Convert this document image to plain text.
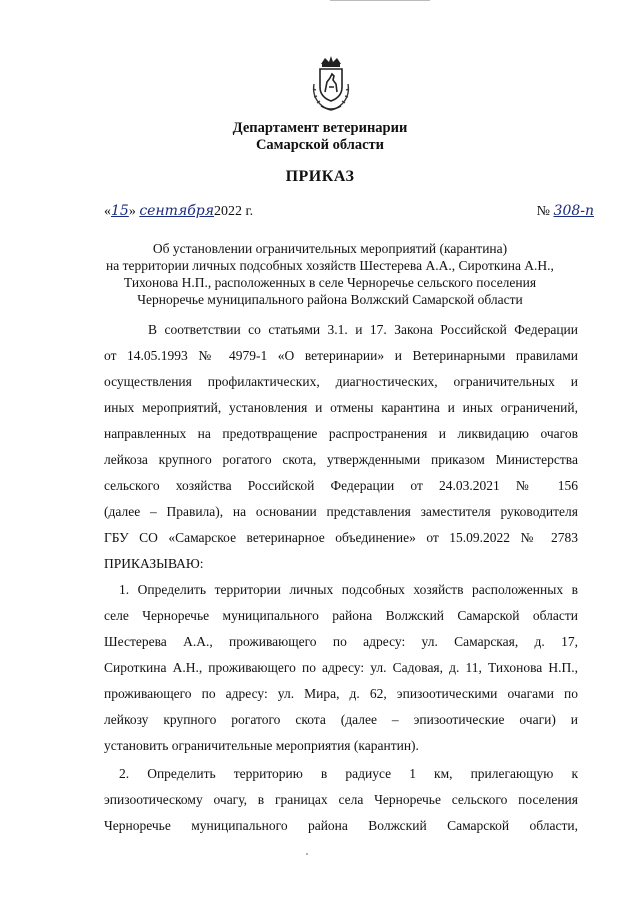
Департамент ветеринарии
Самарской области
ПРИКАЗ
«15» сентября2022 г.	№ 308-п
Об установлении ограничительных мероприятий (карантина)
на территории личных подсобных хозяйств Шестерева А.А., Сироткина А.Н.,
Тихонова Н.П., расположенных в селе Черноречье сельского поселения
Черноречье муниципального района Волжский Самарской области
В соответствии со статьями 3.1. и 17. Закона Российской Федерации
от 14.05.1993 № 4979-1 «О ветеринарии» и Ветеринарными правилами
осуществления профилактических, диагностических, ограничительных и
иных мероприятий, установления и отмены карантина и иных ограничений,
направленных на предотвращение распространения и ликвидацию очагов
лейкоза крупного рогатого скота, утвержденными приказом Министерства
сельского хозяйства Российской Федерации от 24.03.2021 № 156
(далее – Правила), на основании представления заместителя руководителя
ГБУ СО «Самарское ветеринарное объединение» от 15.09.2022 № 2783
ПРИКАЗЫВАЮ:
1. Определить территории личных подсобных хозяйств расположенных в
селе Черноречье муниципального района Волжский Самарской области
Шестерева А.А., проживающего по адресу: ул. Самарская, д. 17,
Сироткина А.Н., проживающего по адресу: ул. Садовая, д. 11, Тихонова Н.П.,
проживающего по адресу: ул. Мира, д. 62, эпизоотическими очагами по
лейкозу крупного рогатого скота (далее – эпизоотические очаги) и
установить ограничительные мероприятия (карантин).
2. Определить территорию в радиусе 1 км, прилегающую к
эпизоотическому очагу, в границах села Черноречье сельского поселения
Черноречье муниципального района Волжский Самарской области,
